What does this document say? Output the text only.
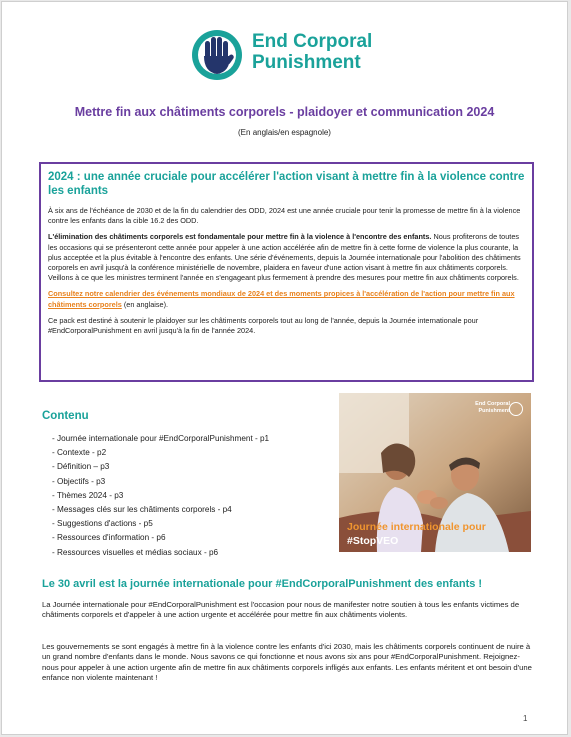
End Corporal
Punishment
Mettre fin aux châtiments corporels - plaidoyer et communication 2024
(En anglais/en espagnole)
2024 : une année cruciale pour accélérer l'action visant à mettre fin à la violence contre les enfants

À six ans de l'échéance de 2030 et de la fin du calendrier des ODD, 2024 est une année cruciale pour tenir la promesse de mettre fin à la violence contre les enfants dans la cible 16.2 des ODD.

L'élimination des châtiments corporels est fondamentale pour mettre fin à la violence à l'encontre des enfants. Nous profiterons de toutes les occasions qui se présenteront cette année pour appeler à une action accélérée afin de mettre fin à cette forme de violence la plus courante, la plus acceptée et la plus évitable à l'encontre des enfants. Une série d'événements, depuis la Journée internationale pour l'abolition des châtiments corporels en avril jusqu'à la conférence ministérielle de novembre, plaidera en faveur d'une action visant à mettre fin aux châtiments corporels. Veillons à ce que les ministres terminent l'année en s'engageant plus fermement à prendre des mesures pour mettre fin aux châtiments corporels.

Consultez notre calendrier des événements mondiaux de 2024 et des moments propices à l'accélération de l'action pour mettre fin aux châtiments corporels (en anglaise).

Ce pack est destiné à soutenir le plaidoyer sur les châtiments corporels tout au long de l'année, depuis la Journée internationale pour #EndCorporalPunishment en avril jusqu'à la fin de l'année 2024.

Contenu
- Journée internationale pour #EndCorporalPunishment - p1
- Contexte - p2
- Définition – p3
- Objectifs - p3
- Thèmes 2024 - p3
- Messages clés sur les châtiments corporels - p4
- Suggestions d'actions - p5
- Ressources d'information - p6
- Ressources visuelles et médias sociaux - p6
End Corporal
Punishment
Journée internationale pour
#StopVEO
Le 30 avril est la journée internationale pour #EndCorporalPunishment des enfants !

La Journée internationale pour #EndCorporalPunishment est l'occasion pour nous de manifester notre soutien à tous les enfants victimes de châtiments corporels et d'appeler à une action urgente et accélérée pour mettre fin aux châtiments violents.

Les gouvernements se sont engagés à mettre fin à la violence contre les enfants d'ici 2030, mais les châtiments corporels continuent de nuire à un grand nombre d'enfants dans le monde. Nous savons ce qui fonctionne et nous avons six ans pour #EndCorporalPunishment. Rejoignez-nous pour appeler à une action urgente afin de mettre fin aux châtiments corporels infligés aux enfants. Les enfants méritent et ont besoin d'une enfance non violente maintenant !

1
